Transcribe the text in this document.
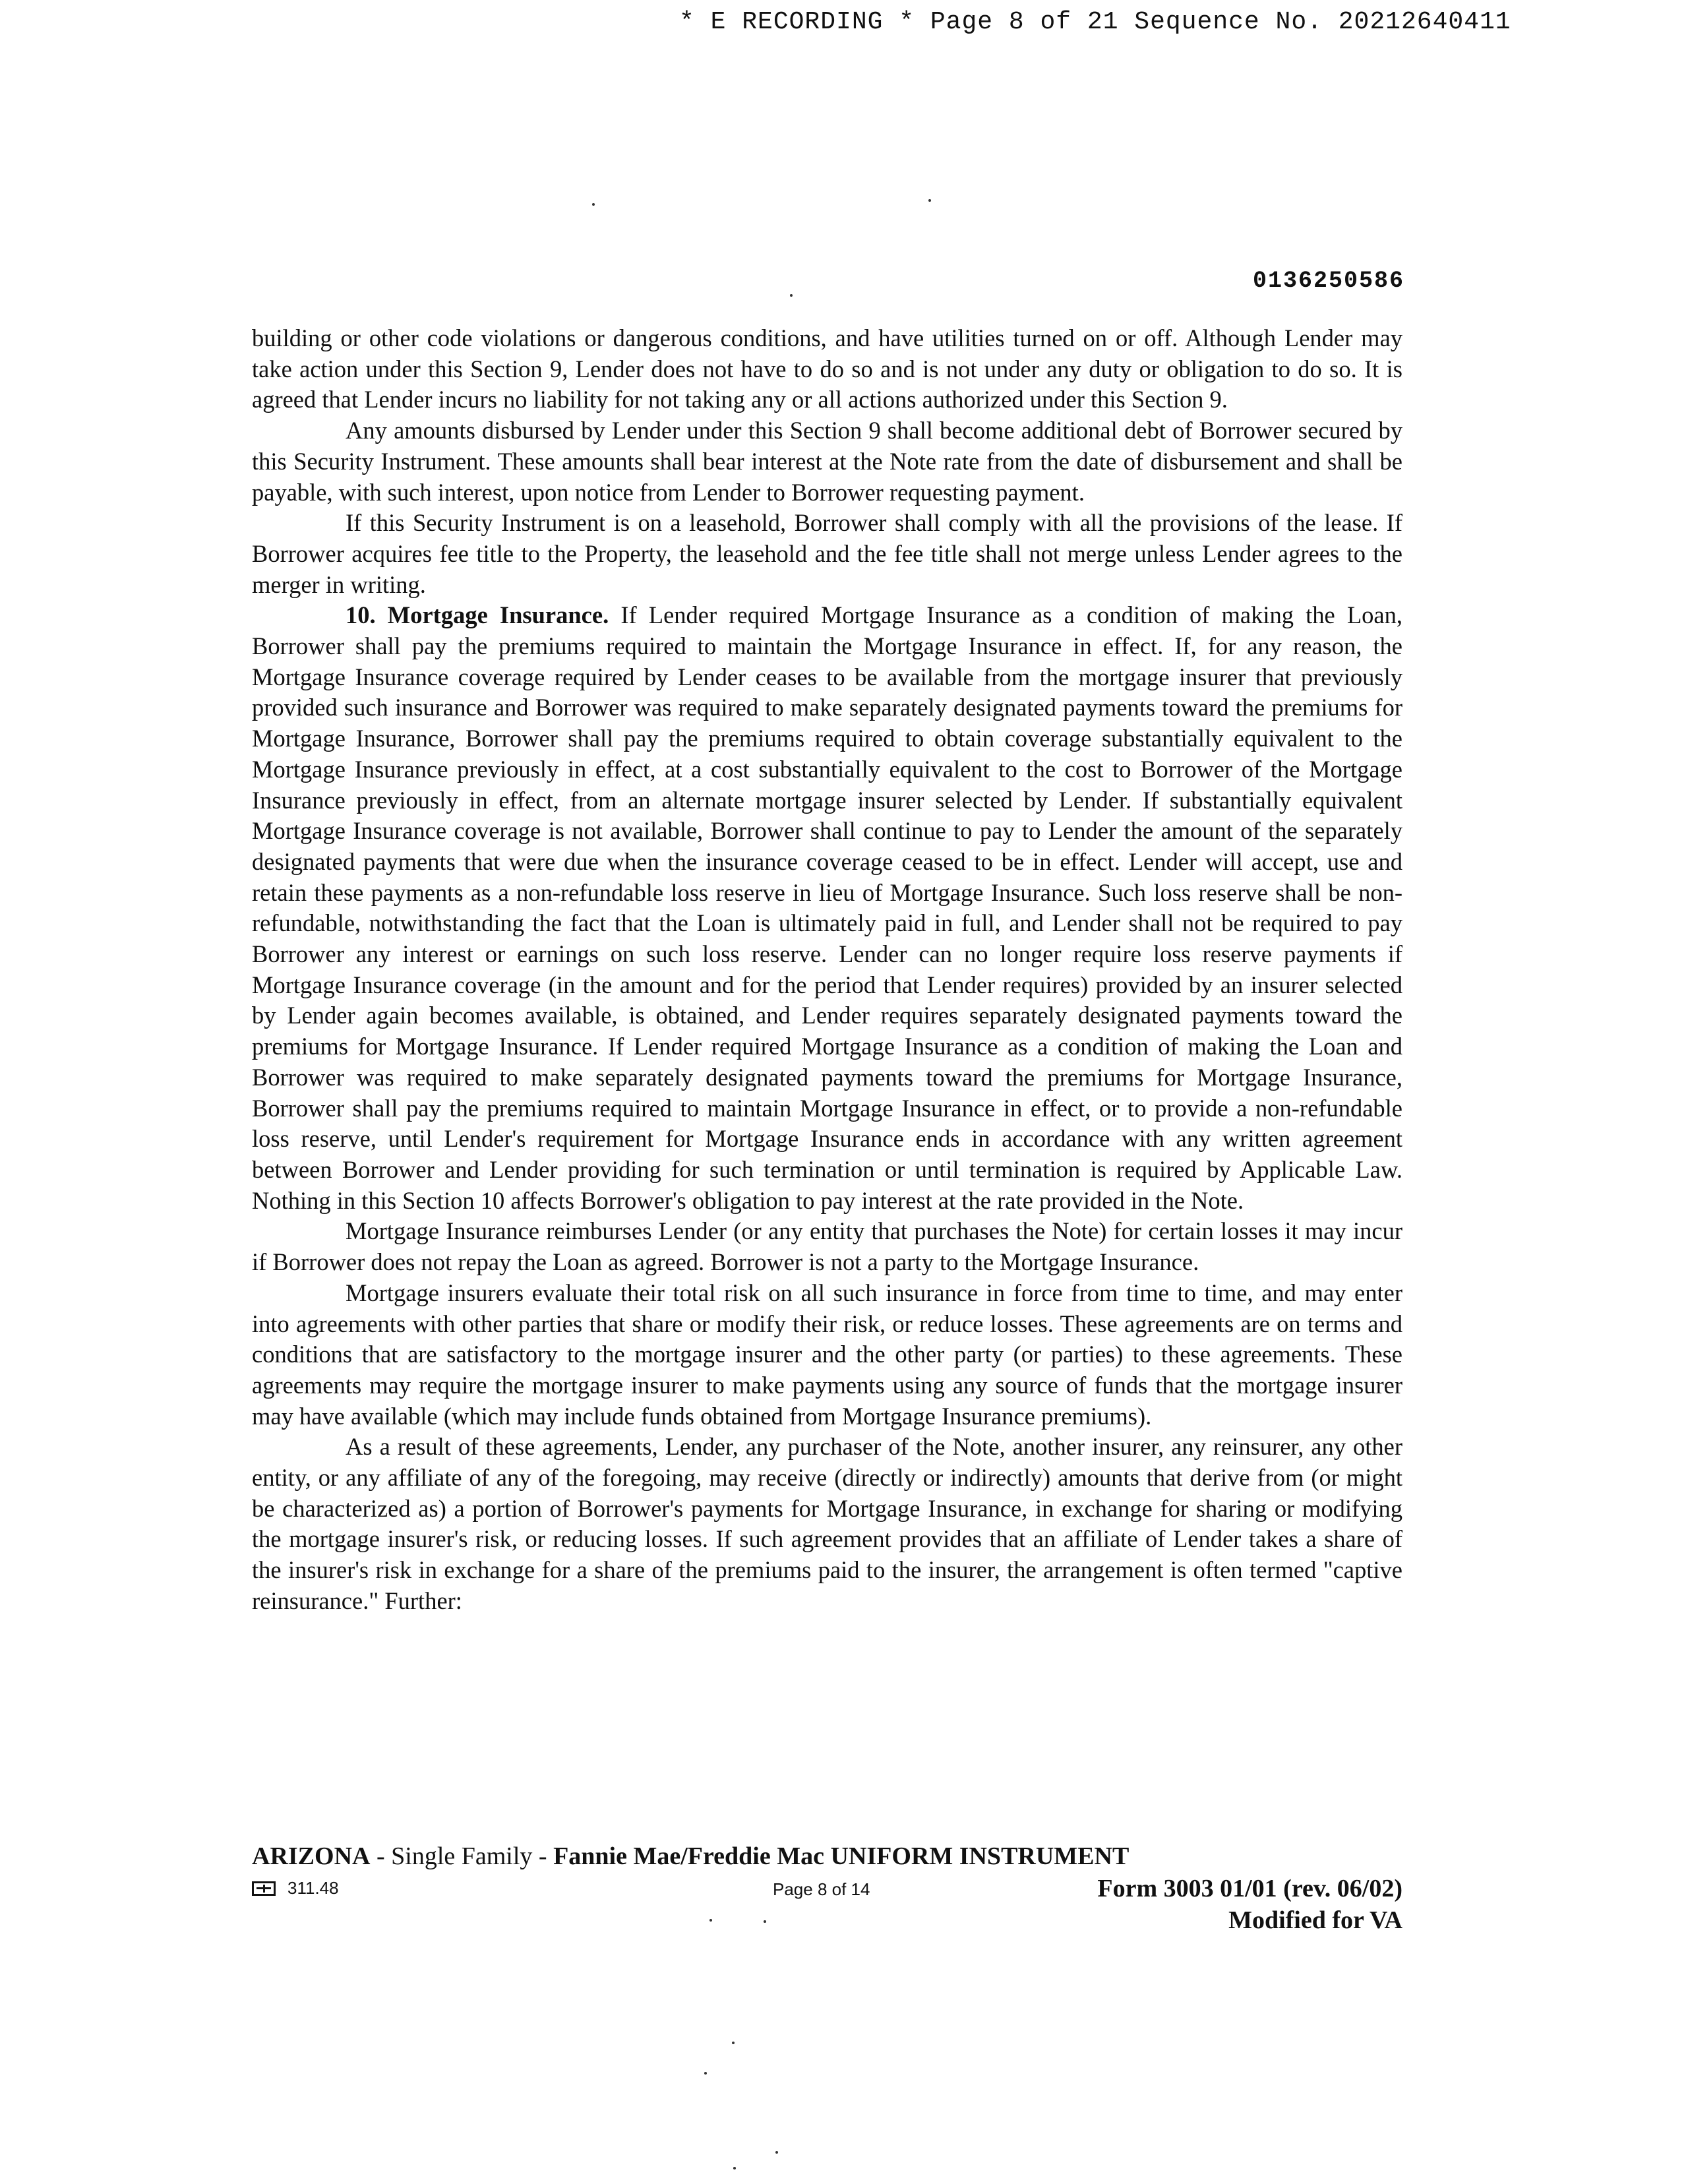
* E RECORDING * Page 8 of 21 Sequence No. 20212640411
0136250586

building or other code violations or dangerous conditions, and have utilities turned on or off. Although Lender may take action under this Section 9, Lender does not have to do so and is not under any duty or obligation to do so. It is agreed that Lender incurs no liability for not taking any or all actions authorized under this Section 9.

Any amounts disbursed by Lender under this Section 9 shall become additional debt of Borrower secured by this Security Instrument. These amounts shall bear interest at the Note rate from the date of disbursement and shall be payable, with such interest, upon notice from Lender to Borrower requesting payment.

If this Security Instrument is on a leasehold, Borrower shall comply with all the provisions of the lease. If Borrower acquires fee title to the Property, the leasehold and the fee title shall not merge unless Lender agrees to the merger in writing.

10. Mortgage Insurance. If Lender required Mortgage Insurance as a condition of making the Loan, Borrower shall pay the premiums required to maintain the Mortgage Insurance in effect. If, for any reason, the Mortgage Insurance coverage required by Lender ceases to be available from the mortgage insurer that previously provided such insurance and Borrower was required to make separately designated payments toward the premiums for Mortgage Insurance, Borrower shall pay the premiums required to obtain coverage substantially equivalent to the Mortgage Insurance previously in effect, at a cost substantially equivalent to the cost to Borrower of the Mortgage Insurance previously in effect, from an alternate mortgage insurer selected by Lender. If substantially equivalent Mortgage Insurance coverage is not available, Borrower shall continue to pay to Lender the amount of the separately designated payments that were due when the insurance coverage ceased to be in effect. Lender will accept, use and retain these payments as a non-refundable loss reserve in lieu of Mortgage Insurance. Such loss reserve shall be non-refundable, notwithstanding the fact that the Loan is ultimately paid in full, and Lender shall not be required to pay Borrower any interest or earnings on such loss reserve. Lender can no longer require loss reserve payments if Mortgage Insurance coverage (in the amount and for the period that Lender requires) provided by an insurer selected by Lender again becomes available, is obtained, and Lender requires separately designated payments toward the premiums for Mortgage Insurance. If Lender required Mortgage Insurance as a condition of making the Loan and Borrower was required to make separately designated payments toward the premiums for Mortgage Insurance, Borrower shall pay the premiums required to maintain Mortgage Insurance in effect, or to provide a non-refundable loss reserve, until Lender's requirement for Mortgage Insurance ends in accordance with any written agreement between Borrower and Lender providing for such termination or until termination is required by Applicable Law. Nothing in this Section 10 affects Borrower's obligation to pay interest at the rate provided in the Note.

Mortgage Insurance reimburses Lender (or any entity that purchases the Note) for certain losses it may incur if Borrower does not repay the Loan as agreed. Borrower is not a party to the Mortgage Insurance.

Mortgage insurers evaluate their total risk on all such insurance in force from time to time, and may enter into agreements with other parties that share or modify their risk, or reduce losses. These agreements are on terms and conditions that are satisfactory to the mortgage insurer and the other party (or parties) to these agreements. These agreements may require the mortgage insurer to make payments using any source of funds that the mortgage insurer may have available (which may include funds obtained from Mortgage Insurance premiums).

As a result of these agreements, Lender, any purchaser of the Note, another insurer, any reinsurer, any other entity, or any affiliate of any of the foregoing, may receive (directly or indirectly) amounts that derive from (or might be characterized as) a portion of Borrower's payments for Mortgage Insurance, in exchange for sharing or modifying the mortgage insurer's risk, or reducing losses. If such agreement provides that an affiliate of Lender takes a share of the insurer's risk in exchange for a share of the premiums paid to the insurer, the arrangement is often termed "captive reinsurance." Further:

ARIZONA - Single Family - Fannie Mae/Freddie Mac UNIFORM INSTRUMENT
311.48	Page 8 of 14	Form 3003 01/01 (rev. 06/02)
Modified for VA
